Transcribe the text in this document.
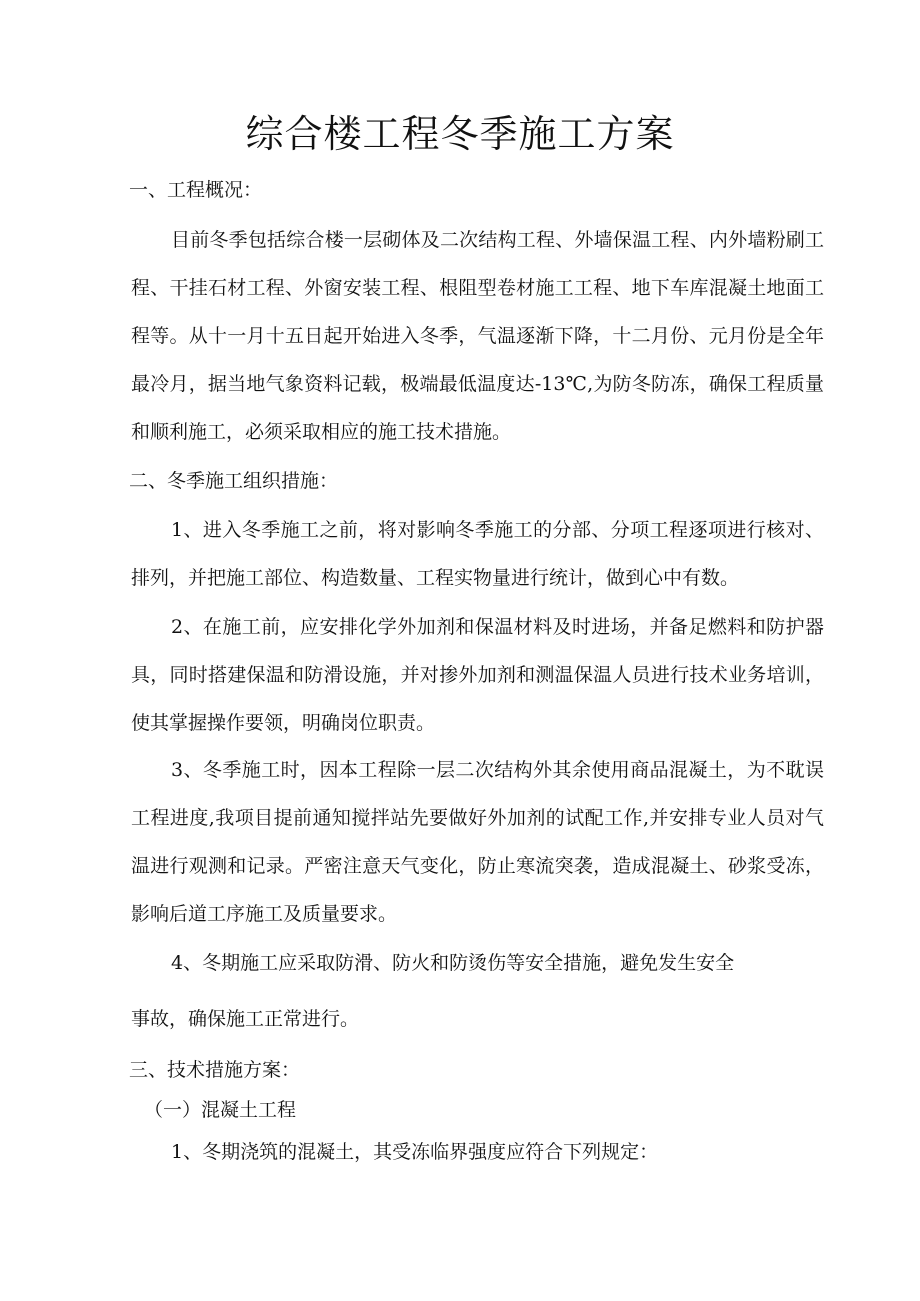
综合楼工程冬季施工方案
一、工程概况：

目前冬季包括综合楼一层砌体及二次结构工程、外墙保温工程、内外墙粉刷工程、干挂石材工程、外窗安装工程、根阻型卷材施工工程、地下车库混凝土地面工程等。从十一月十五日起开始进入冬季，气温逐渐下降，十二月份、元月份是全年最冷月，据当地气象资料记载，极端最低温度达-13℃,为防冬防冻，确保工程质量和顺利施工，必须采取相应的施工技术措施。

二、冬季施工组织措施：

1、进入冬季施工之前，将对影响冬季施工的分部、分项工程逐项进行核对、排列，并把施工部位、构造数量、工程实物量进行统计，做到心中有数。

2、在施工前，应安排化学外加剂和保温材料及时进场，并备足燃料和防护器具，同时搭建保温和防滑设施，并对掺外加剂和测温保温人员进行技术业务培训，使其掌握操作要领，明确岗位职责。

3、冬季施工时，因本工程除一层二次结构外其余使用商品混凝土，为不耽误工程进度,我项目提前通知搅拌站先要做好外加剂的试配工作,并安排专业人员对气温进行观测和记录。严密注意天气变化，防止寒流突袭，造成混凝土、砂浆受冻，影响后道工序施工及质量要求。

4、冬期施工应采取防滑、防火和防烫伤等安全措施，避免发生安全
事故，确保施工正常进行。
三、技术措施方案：
（一）混凝土工程
1、冬期浇筑的混凝土，其受冻临界强度应符合下列规定：
